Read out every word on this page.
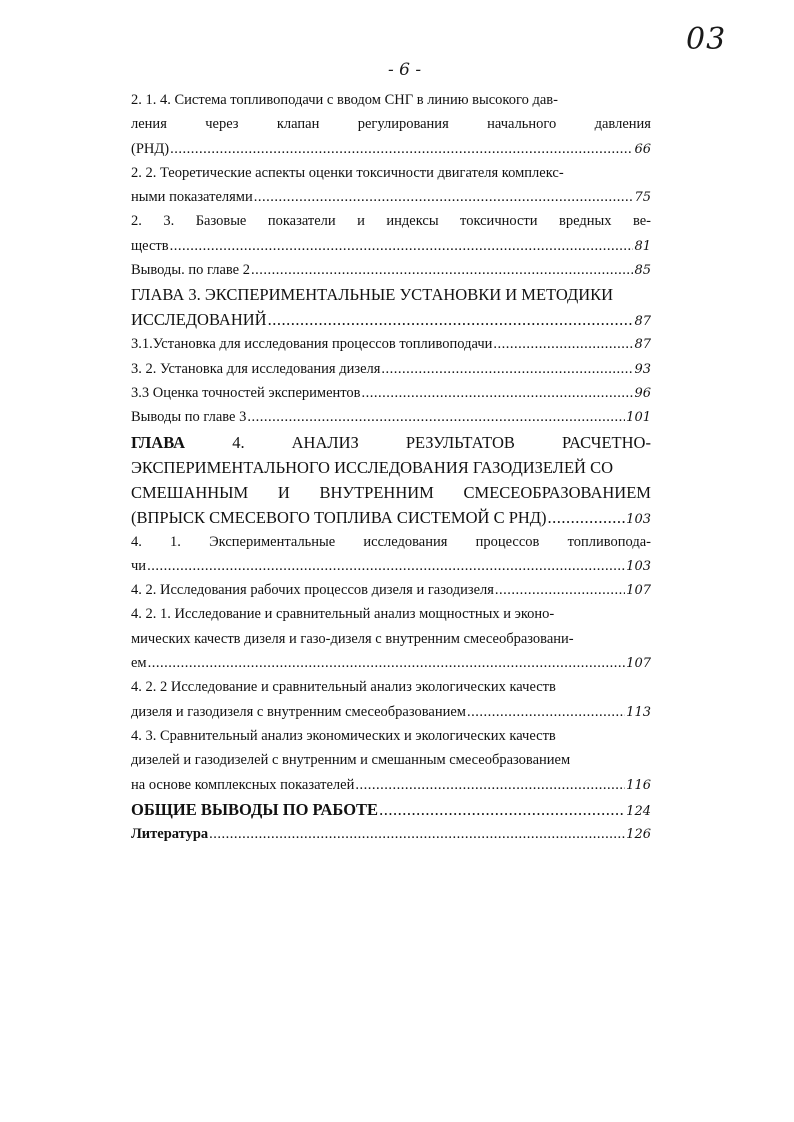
03
- 6 -
2. 1. 4. Система топливоподачи с вводом СНГ в линию высокого дав-
ления	через	клапан	регулирования	начального	давления
(РНД) .....	66
2. 2. Теоретические аспекты оценки токсичности двигателя комплекс-
ными показателями .....	75
2. 3. Базовые показатели и индексы токсичности вредных ве-
ществ .....	81
Выводы. по главе 2 .....	85
ГЛАВА 3. ЭКСПЕРИМЕНТАЛЬНЫЕ УСТАНОВКИ И МЕТОДИКИ
ИССЛЕДОВАНИЙ .....	87
3.1.Установка для исследования процессов топливоподачи .....	87
3. 2. Установка для исследования дизеля .....	93
3.3 Оценка точностей экспериментов .....	96
Выводы по главе 3 .....	101
ГЛАВА	4.	АНАЛИЗ	РЕЗУЛЬТАТОВ	РАСЧЕТНО-
ЭКСПЕРИМЕНТАЛЬНОГО ИССЛЕДОВАНИЯ ГАЗОДИЗЕЛЕЙ СО
СМЕШАННЫМ И ВНУТРЕННИМ СМЕСЕОБРАЗОВАНИЕМ
(ВПРЫСК СМЕСЕВОГО ТОПЛИВА СИСТЕМОЙ С РНД) .....	103
4. 1. Экспериментальные исследования процессов топливопода-
чи .....	103
4. 2. Исследования рабочих процессов дизеля и газодизеля .....	107
4. 2. 1. Исследование и сравнительный анализ мощностных и эконо-
мических качеств дизеля и газо-дизеля с внутренним смесеобразовани-
ем .....	107
4. 2. 2 Исследование и сравнительный анализ экологических качеств
дизеля и газодизеля с внутренним смесеобразованием .....	113
4. 3. Сравнительный анализ экономических и экологических качеств
дизелей и газодизелей с внутренним и смешанным смесеобразованием
на основе комплексных показателей .....	116
ОБЩИЕ ВЫВОДЫ ПО РАБОТЕ .....	124
Литература .....	126
